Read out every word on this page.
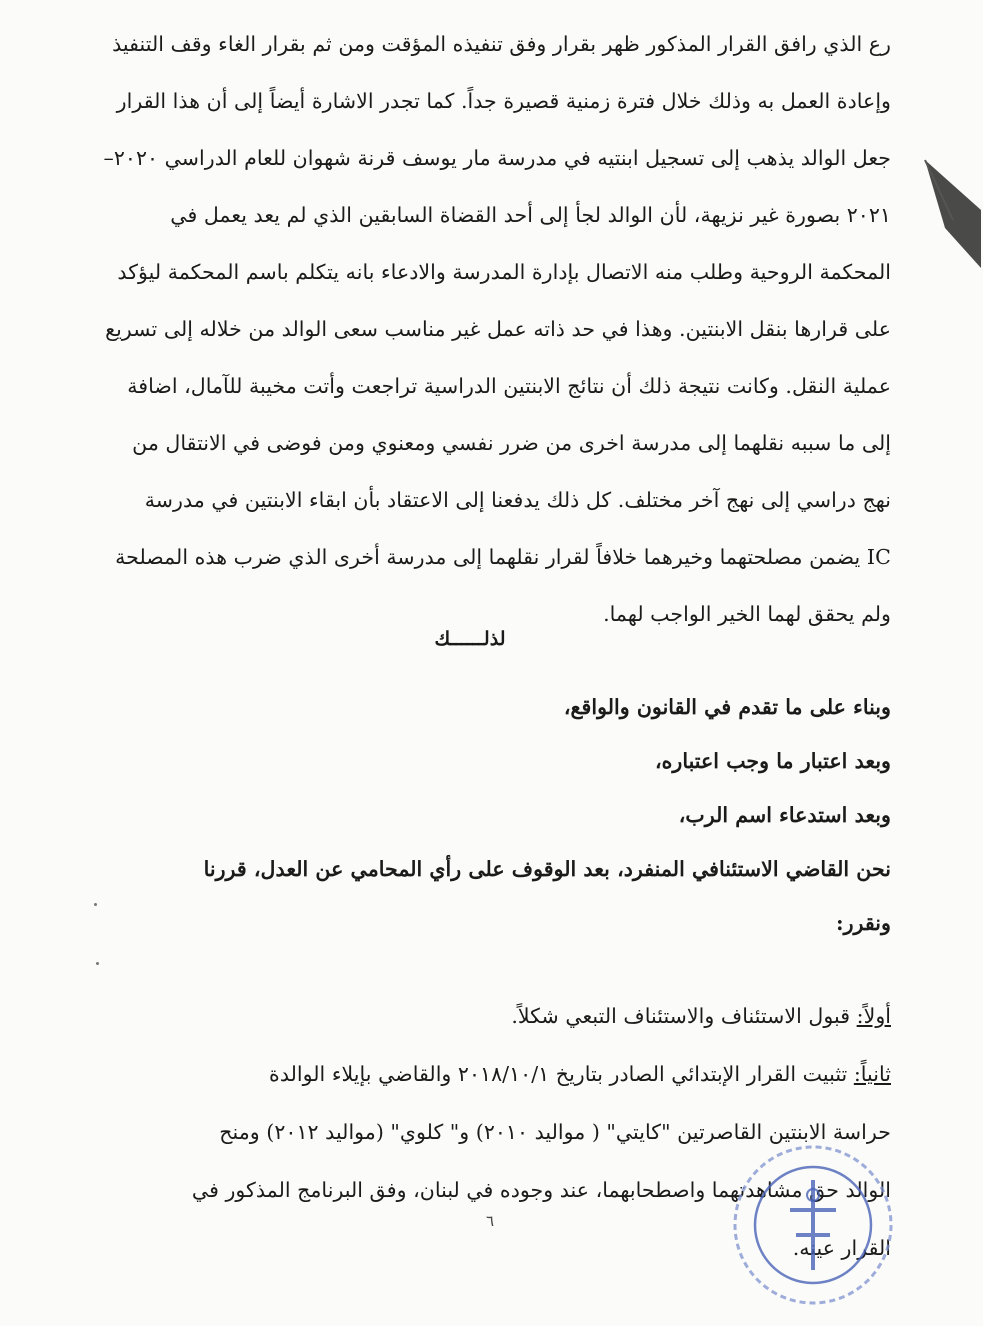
رع الذي رافق القرار المذكور ظهر بقرار وفق تنفيذه المؤقت ومن ثم بقرار الغاء وقف التنفيذ
وإعادة العمل به وذلك خلال فترة زمنية قصيرة جداً. كما تجدر الاشارة أيضاً إلى أن هذا القرار
جعل الوالد يذهب إلى تسجيل ابنتيه في مدرسة مار يوسف قرنة شهوان للعام الدراسي ٢٠٢٠–
٢٠٢١ بصورة غير نزيهة، لأن الوالد لجأ إلى أحد القضاة السابقين الذي لم يعد يعمل في
المحكمة الروحية وطلب منه الاتصال بإدارة المدرسة والادعاء بانه يتكلم باسم المحكمة ليؤكد
على قرارها بنقل الابنتين. وهذا في حد ذاته عمل غير مناسب سعى الوالد من خلاله إلى تسريع
عملية النقل. وكانت نتيجة ذلك أن نتائج الابنتين الدراسية تراجعت وأتت مخيبة للآمال، اضافة
إلى ما سببه نقلهما إلى مدرسة اخرى من ضرر نفسي ومعنوي ومن فوضى في الانتقال من
نهج دراسي إلى نهج آخر مختلف. كل ذلك يدفعنا إلى الاعتقاد بأن ابقاء الابنتين في مدرسة
IC يضمن مصلحتهما وخيرهما خلافاً لقرار نقلهما إلى مدرسة أخرى الذي ضرب هذه المصلحة
ولم يحقق لهما الخير الواجب لهما.
لذلــــــك
وبناء على ما تقدم في القانون والواقع،
وبعد اعتبار ما وجب اعتباره،
وبعد استدعاء اسم الرب،
نحن القاضي الاستئنافي المنفرد، بعد الوقوف على رأي المحامي عن العدل، قررنا
ونقرر:
أولاً: قبول الاستئناف والاستئناف التبعي شكلاً.
ثانياً: تثبيت القرار الإبتدائي الصادر بتاريخ ٢٠١٨/١٠/١ والقاضي بإيلاء الوالدة
حراسة الابنتين القاصرتين "كايتي" ( مواليد ٢٠١٠) و" كلوي" (مواليد ٢٠١٢) ومنح
الوالد حق مشاهدتهما واصطحابهما، عند وجوده في لبنان، وفق البرنامج المذكور في
القرار عينه.
٦
